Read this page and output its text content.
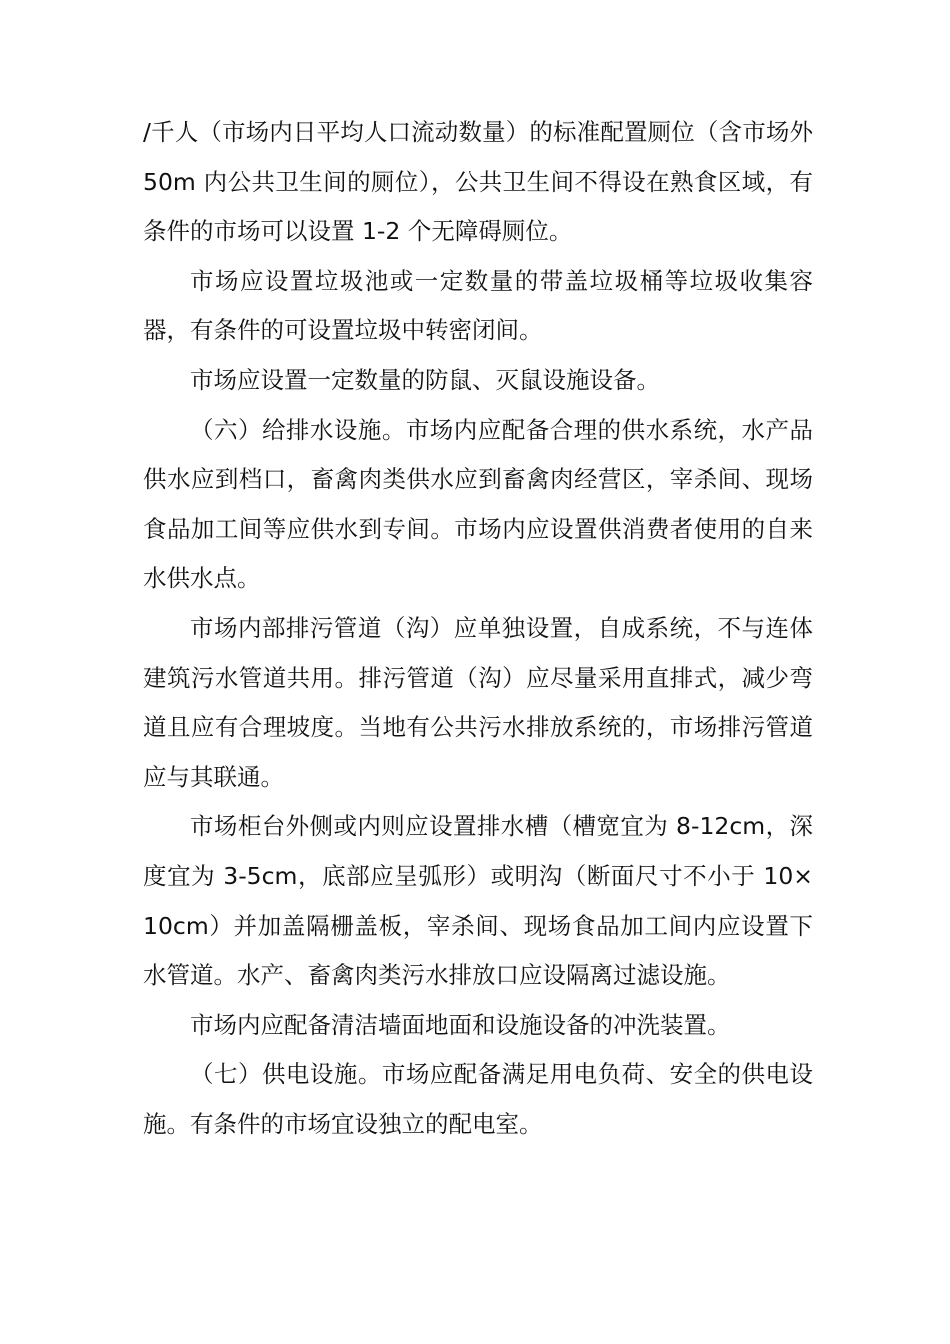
/千人（市场内日平均人口流动数量）的标准配置厕位（含市场外 50m 内公共卫生间的厕位），公共卫生间不得设在熟食区域，有条件的市场可以设置 1-2 个无障碍厕位。

市场应设置垃圾池或一定数量的带盖垃圾桶等垃圾收集容器，有条件的可设置垃圾中转密闭间。

市场应设置一定数量的防鼠、灭鼠设施设备。

（六）给排水设施。市场内应配备合理的供水系统，水产品供水应到档口，畜禽肉类供水应到畜禽肉经营区，宰杀间、现场食品加工间等应供水到专间。市场内应设置供消费者使用的自来水供水点。

市场内部排污管道（沟）应单独设置，自成系统，不与连体建筑污水管道共用。排污管道（沟）应尽量采用直排式，减少弯道且应有合理坡度。当地有公共污水排放系统的，市场排污管道应与其联通。

市场柜台外侧或内则应设置排水槽（槽宽宜为 8-12cm，深度宜为 3-5cm，底部应呈弧形）或明沟（断面尺寸不小于 10×10cm）并加盖隔栅盖板，宰杀间、现场食品加工间内应设置下水管道。水产、畜禽肉类污水排放口应设隔离过滤设施。

市场内应配备清洁墙面地面和设施设备的冲洗装置。

（七）供电设施。市场应配备满足用电负荷、安全的供电设施。有条件的市场宜设独立的配电室。
